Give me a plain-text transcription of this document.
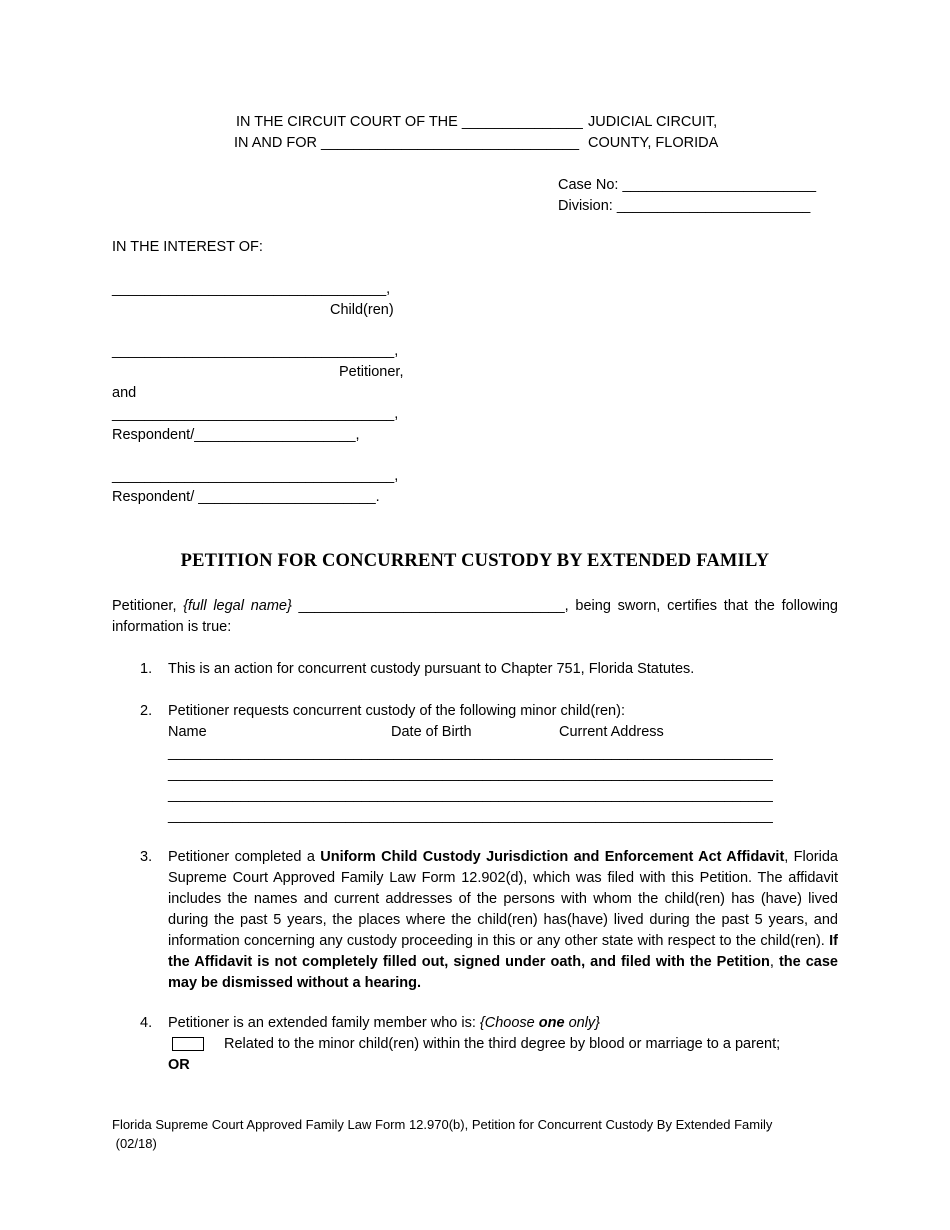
IN THE CIRCUIT COURT OF THE _______________ JUDICIAL CIRCUIT,
IN AND FOR ________________________________ COUNTY, FLORIDA
Case No: ________________________
Division: ________________________
IN THE INTEREST OF:
__________________________________,
Child(ren)
___________________________________,
Petitioner,
and
___________________________________,
Respondent/____________________,
___________________________________,
Respondent/ ______________________.
PETITION FOR CONCURRENT CUSTODY BY EXTENDED FAMILY
Petitioner, {full legal name} _________________________________, being sworn, certifies that the following information is true:
1. This is an action for concurrent custody pursuant to Chapter 751, Florida Statutes.
2. Petitioner requests concurrent custody of the following minor child(ren):
Name	Date of Birth	Current Address
___________________________________________________________________________
___________________________________________________________________________
___________________________________________________________________________
___________________________________________________________________________
3. Petitioner completed a Uniform Child Custody Jurisdiction and Enforcement Act Affidavit, Florida Supreme Court Approved Family Law Form 12.902(d), which was filed with this Petition. The affidavit includes the names and current addresses of the persons with whom the child(ren) has (have) lived during the past 5 years, the places where the child(ren) has(have) lived during the past 5 years, and information concerning any custody proceeding in this or any other state with respect to the child(ren). If the Affidavit is not completely filled out, signed under oath, and filed with the Petition, the case may be dismissed without a hearing.
4. Petitioner is an extended family member who is: {Choose one only}
Related to the minor child(ren) within the third degree by blood or marriage to a parent;
OR
Florida Supreme Court Approved Family Law Form 12.970(b), Petition for Concurrent Custody By Extended Family
(02/18)
